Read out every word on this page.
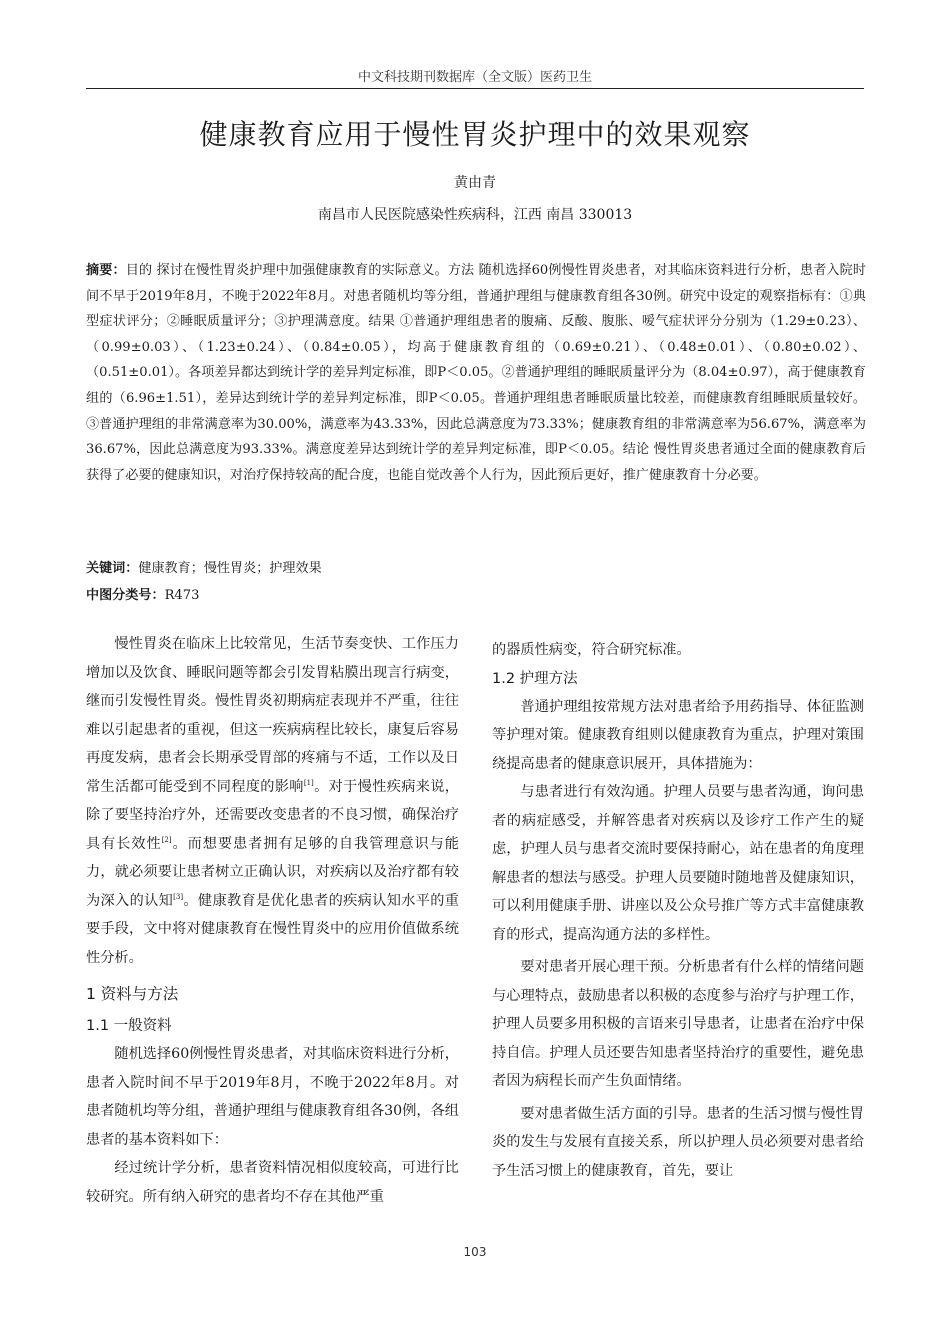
中文科技期刊数据库（全文版）医药卫生
健康教育应用于慢性胃炎护理中的效果观察
黄由青
南昌市人民医院感染性疾病科，江西 南昌 330013
摘要：目的 探讨在慢性胃炎护理中加强健康教育的实际意义。方法 随机选择60例慢性胃炎患者，对其临床资料进行分析，患者入院时间不早于2019年8月，不晚于2022年8月。对患者随机均等分组，普通护理组与健康教育组各30例。研究中设定的观察指标有：①典型症状评分；②睡眠质量评分；③护理满意度。结果 ①普通护理组患者的腹痛、反酸、腹胀、嗳气症状评分分别为（1.29±0.23）、（0.99±0.03）、（1.23±0.24）、（0.84±0.05），均高于健康教育组的（0.69±0.21）、（0.48±0.01）、（0.80±0.02）、（0.51±0.01）。各项差异都达到统计学的差异判定标准，即P＜0.05。②普通护理组的睡眠质量评分为（8.04±0.97），高于健康教育组的（6.96±1.51），差异达到统计学的差异判定标准，即P＜0.05。普通护理组患者睡眠质量比较差，而健康教育组睡眠质量较好。③普通护理组的非常满意率为30.00%，满意率为43.33%，因此总满意度为73.33%；健康教育组的非常满意率为56.67%，满意率为36.67%，因此总满意度为93.33%。满意度差异达到统计学的差异判定标准，即P＜0.05。结论 慢性胃炎患者通过全面的健康教育后获得了必要的健康知识，对治疗保持较高的配合度，也能自觉改善个人行为，因此预后更好，推广健康教育十分必要。
关键词：健康教育；慢性胃炎；护理效果
中图分类号：R473

慢性胃炎在临床上比较常见，生活节奏变快、工作压力增加以及饮食、睡眠问题等都会引发胃粘膜出现言行病变，继而引发慢性胃炎。慢性胃炎初期病症表现并不严重，往往难以引起患者的重视，但这一疾病病程比较长，康复后容易再度发病，患者会长期承受胃部的疼痛与不适，工作以及日常生活都可能受到不同程度的影响[1]。对于慢性疾病来说，除了要坚持治疗外，还需要改变患者的不良习惯，确保治疗具有长效性[2]。而想要患者拥有足够的自我管理意识与能力，就必须要让患者树立正确认识，对疾病以及治疗都有较为深入的认知[3]。健康教育是优化患者的疾病认知水平的重要手段，文中将对健康教育在慢性胃炎中的应用价值做系统性分析。

1 资料与方法
1.1 一般资料

随机选择60例慢性胃炎患者，对其临床资料进行分析，患者入院时间不早于2019年8月，不晚于2022年8月。对患者随机均等分组，普通护理组与健康教育组各30例，各组患者的基本资料如下：

经过统计学分析，患者资料情况相似度较高，可进行比较研究。所有纳入研究的患者均不存在其他严重

的器质性病变，符合研究标准。

1.2 护理方法

普通护理组按常规方法对患者给予用药指导、体征监测等护理对策。健康教育组则以健康教育为重点，护理对策围绕提高患者的健康意识展开，具体措施为：

与患者进行有效沟通。护理人员要与患者沟通，询问患者的病症感受，并解答患者对疾病以及诊疗工作产生的疑虑，护理人员与患者交流时要保持耐心，站在患者的角度理解患者的想法与感受。护理人员要随时随地普及健康知识，可以利用健康手册、讲座以及公众号推广等方式丰富健康教育的形式，提高沟通方法的多样性。

要对患者开展心理干预。分析患者有什么样的情绪问题与心理特点，鼓励患者以积极的态度参与治疗与护理工作，护理人员要多用积极的言语来引导患者，让患者在治疗中保持自信。护理人员还要告知患者坚持治疗的重要性，避免患者因为病程长而产生负面情绪。

要对患者做生活方面的引导。患者的生活习惯与慢性胃炎的发生与发展有直接关系，所以护理人员必须要对患者给予生活习惯上的健康教育，首先，要让

103
